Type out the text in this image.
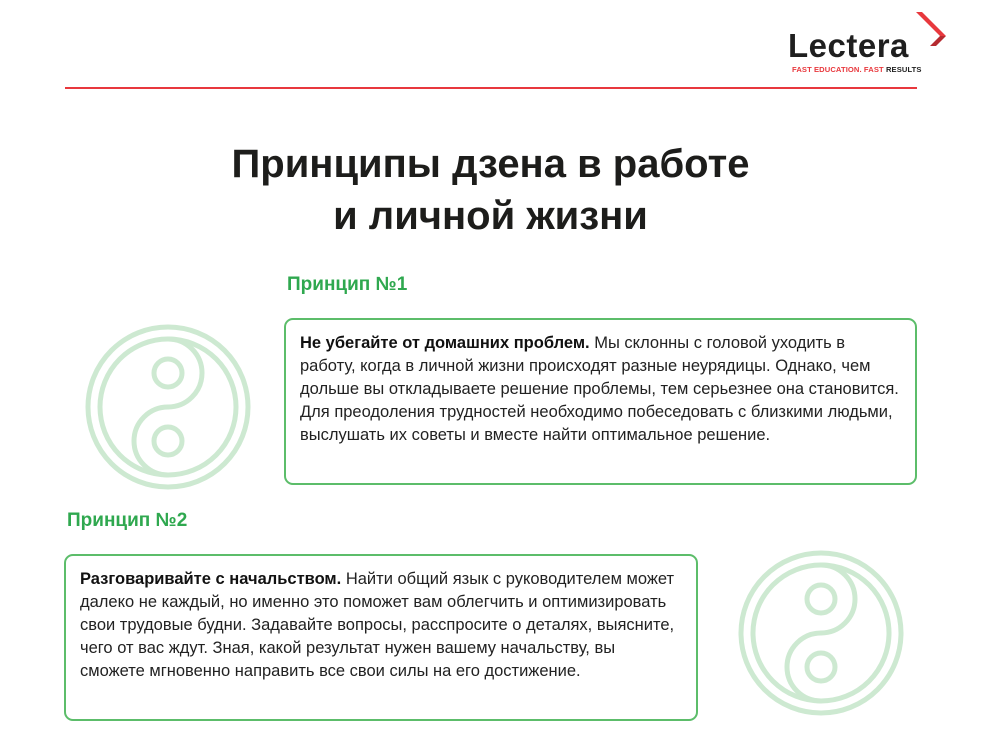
Lectera
FAST EDUCATION. FAST RESULTS
Принципы дзена в работе
и личной жизни
Принцип №1
Не убегайте от домашних проблем. Мы склонны с головой уходить в работу, когда в личной жизни происходят разные неурядицы. Однако, чем дольше вы откладываете решение проблемы, тем серьезнее она становится. Для преодоления трудностей необходимо побеседовать с близкими людьми, выслушать их советы и вместе найти оптимальное решение.
Принцип №2
Разговаривайте с начальством. Найти общий язык с руководителем может далеко не каждый, но именно это поможет вам облегчить и оптимизировать свои трудовые будни. Задавайте вопросы, расспросите о деталях, выясните, чего от вас ждут. Зная, какой результат нужен вашему начальству, вы сможете мгновенно направить все свои силы на его достижение.
